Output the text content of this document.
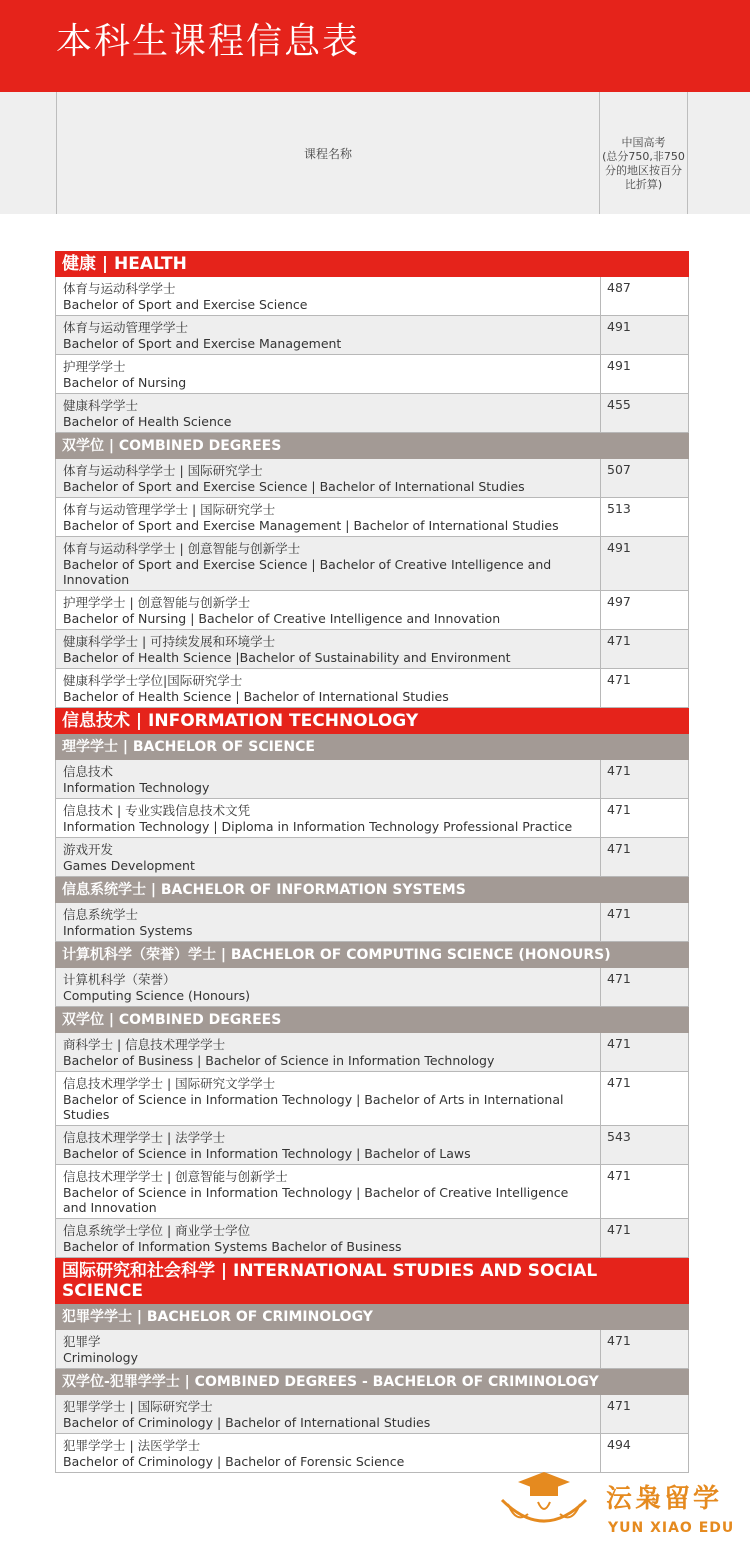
本科生课程信息表
课程名称
中国高考
(总分750,非750
分的地区按百分
比折算)
健康 | HEALTH
体育与运动科学学士
Bachelor of Sport and Exercise Science
487
体育与运动管理学学士
Bachelor of Sport and Exercise Management
491
护理学学士
Bachelor of Nursing
491
健康科学学士
Bachelor of Health Science
455
双学位 | COMBINED DEGREES
体育与运动科学学士 | 国际研究学士
Bachelor of Sport and Exercise Science | Bachelor of International Studies
507
体育与运动管理学学士 | 国际研究学士
Bachelor of Sport and Exercise Management | Bachelor of International Studies
513
体育与运动科学学士 | 创意智能与创新学士
Bachelor of Sport and Exercise Science | Bachelor of Creative Intelligence and Innovation
491
护理学学士 | 创意智能与创新学士
Bachelor of Nursing | Bachelor of Creative Intelligence and Innovation
497
健康科学学士 | 可持续发展和环境学士
Bachelor of Health Science |Bachelor of Sustainability and Environment
471
健康科学学士学位|国际研究学士
Bachelor of Health Science | Bachelor of International Studies
471
信息技术 | INFORMATION TECHNOLOGY
理学学士 | BACHELOR OF SCIENCE
信息技术
Information Technology
471
信息技术 | 专业实践信息技术文凭
Information Technology | Diploma in Information Technology Professional Practice
471
游戏开发
Games Development
471
信息系统学士 | BACHELOR OF INFORMATION SYSTEMS
信息系统学士
Information Systems
471
计算机科学（荣誉）学士 | BACHELOR OF COMPUTING SCIENCE (HONOURS)
计算机科学（荣誉）
Computing Science (Honours)
471
双学位 | COMBINED DEGREES
商科学士 | 信息技术理学学士
Bachelor of Business | Bachelor of Science in Information Technology
471
信息技术理学学士 | 国际研究文学学士
Bachelor of Science in Information Technology | Bachelor of Arts in International Studies
471
信息技术理学学士 | 法学学士
Bachelor of Science in Information Technology | Bachelor of Laws
543
信息技术理学学士 | 创意智能与创新学士
Bachelor of Science in Information Technology | Bachelor of Creative Intelligence and Innovation
471
信息系统学士学位 | 商业学士学位
Bachelor of Information Systems Bachelor of Business
471
国际研究和社会科学 | INTERNATIONAL STUDIES AND SOCIAL SCIENCE
犯罪学学士 | BACHELOR OF CRIMINOLOGY
犯罪学
Criminology
471
双学位-犯罪学学士 | COMBINED DEGREES - BACHELOR OF CRIMINOLOGY
犯罪学学士 | 国际研究学士
Bachelor of Criminology | Bachelor of International Studies
471
犯罪学学士 | 法医学学士
Bachelor of Criminology | Bachelor of Forensic Science
494
沄枭留学
YUN XIAO EDU
